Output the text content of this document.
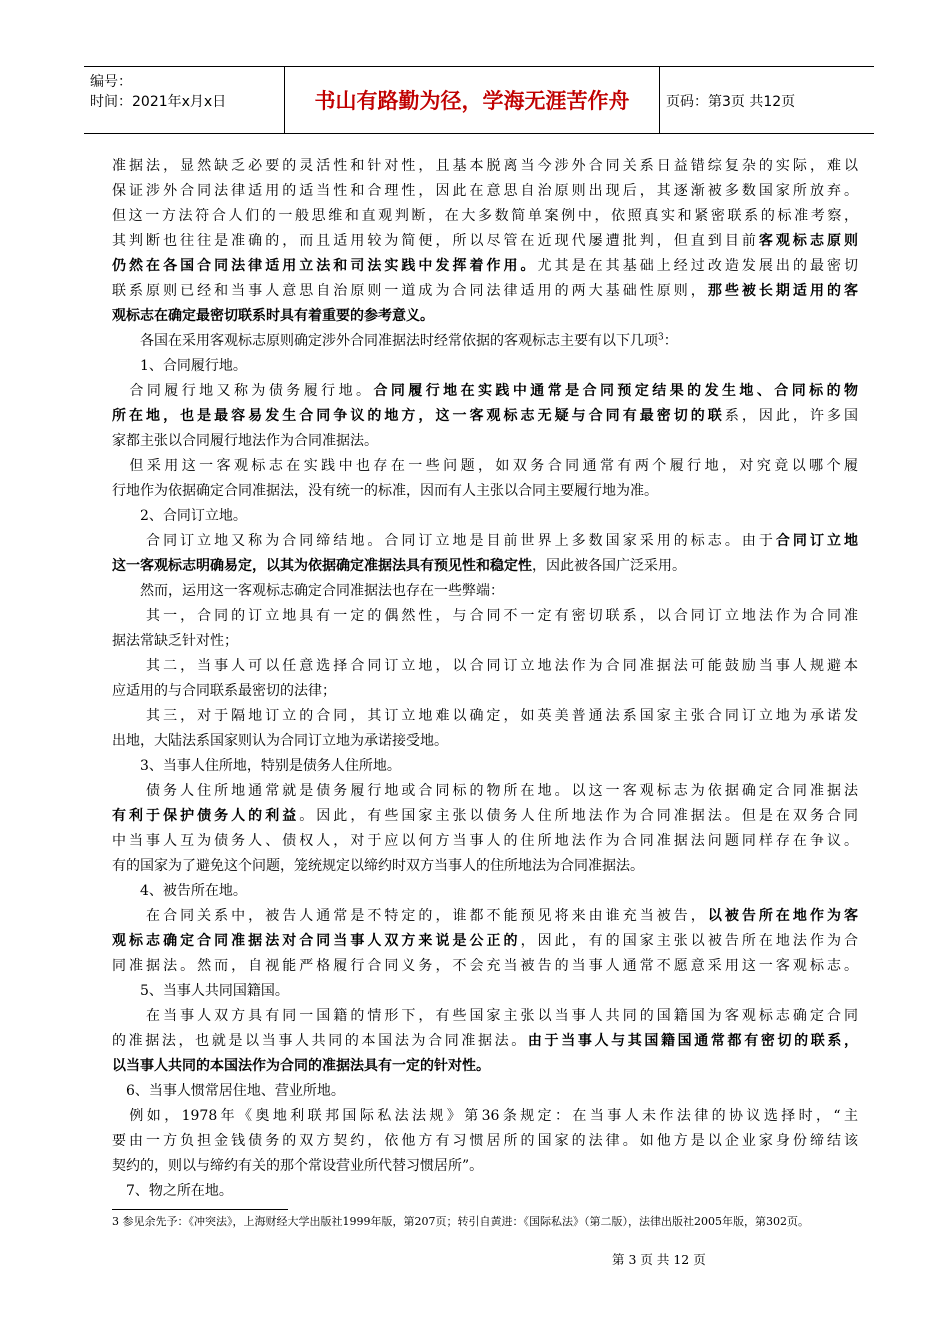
编号：
时间：2021年x月x日	书山有路勤为径，学海无涯苦作舟	页码：第3页 共12页
准据法，显然缺乏必要的灵活性和针对性，且基本脱离当今涉外合同关系日益错综复杂的实际，难以
保证涉外合同法律适用的适当性和合理性，因此在意思自治原则出现后，其逐渐被多数国家所放弃。
但这一方法符合人们的一般思维和直观判断，在大多数简单案例中，依照真实和紧密联系的标准考察，
其判断也往往是准确的，而且适用较为简便，所以尽管在近现代屡遭批判，但直到目前客观标志原则
仍然在各国合同法律适用立法和司法实践中发挥着作用。尤其是在其基础上经过改造发展出的最密切
联系原则已经和当事人意思自治原则一道成为合同法律适用的两大基础性原则，那些被长期适用的客
观标志在确定最密切联系时具有着重要的参考意义。
　　各国在采用客观标志原则确定涉外合同准据法时经常依据的客观标志主要有以下几项$^3$：
　　1、合同履行地。
　合同履行地又称为债务履行地。合同履行地在实践中通常是合同预定结果的发生地、合同标的物
所在地，也是最容易发生合同争议的地方，这一客观标志无疑与合同有最密切的联系，因此，许多国
家都主张以合同履行地法作为合同准据法。
　但采用这一客观标志在实践中也存在一些问题，如双务合同通常有两个履行地，对究竟以哪个履
行地作为依据确定合同准据法，没有统一的标准，因而有人主张以合同主要履行地为准。
　　2、合同订立地。
　　合同订立地又称为合同缔结地。合同订立地是目前世界上多数国家采用的标志。由于合同订立地
这一客观标志明确易定，以其为依据确定准据法具有预见性和稳定性，因此被各国广泛采用。
　　然而，运用这一客观标志确定合同准据法也存在一些弊端：
　　其一，合同的订立地具有一定的偶然性，与合同不一定有密切联系，以合同订立地法作为合同准
据法常缺乏针对性；
　　其二，当事人可以任意选择合同订立地，以合同订立地法作为合同准据法可能鼓励当事人规避本
应适用的与合同联系最密切的法律；
　　其三，对于隔地订立的合同，其订立地难以确定，如英美普通法系国家主张合同订立地为承诺发
出地，大陆法系国家则认为合同订立地为承诺接受地。
　　3、当事人住所地，特别是债务人住所地。
　　债务人住所地通常就是债务履行地或合同标的物所在地。以这一客观标志为依据确定合同准据法
有利于保护债务人的利益。因此，有些国家主张以债务人住所地法作为合同准据法。但是在双务合同
中当事人互为债务人、债权人，对于应以何方当事人的住所地法作为合同准据法问题同样存在争议。
有的国家为了避免这个问题，笼统规定以缔约时双方当事人的住所地法为合同准据法。
　　4、被告所在地。
　　在合同关系中，被告人通常是不特定的，谁都不能预见将来由谁充当被告，以被告所在地作为客
观标志确定合同准据法对合同当事人双方来说是公正的，因此，有的国家主张以被告所在地法作为合
同准据法。然而，自视能严格履行合同义务，不会充当被告的当事人通常不愿意采用这一客观标志。
　　5、当事人共同国籍国。
　　在当事人双方具有同一国籍的情形下，有些国家主张以当事人共同的国籍国为客观标志确定合同
的准据法，也就是以当事人共同的本国法为合同准据法。由于当事人与其国籍国通常都有密切的联系，
以当事人共同的本国法作为合同的准据法具有一定的针对性。
　6、当事人惯常居住地、营业所地。
　例如，1978年《奥地利联邦国际私法法规》第36条规定：在当事人未作法律的协议选择时，“主
要由一方负担金钱债务的双方契约，依他方有习惯居所的国家的法律。如他方是以企业家身份缔结该
契约的，则以与缔约有关的那个常设营业所代替习惯居所”。
　7、物之所在地。
3 参见余先予：《冲突法》，上海财经大学出版社1999年版，第207页；转引自黄进：《国际私法》（第二版），法律出版社2005年版，第302页。
第 3 页 共 12 页
